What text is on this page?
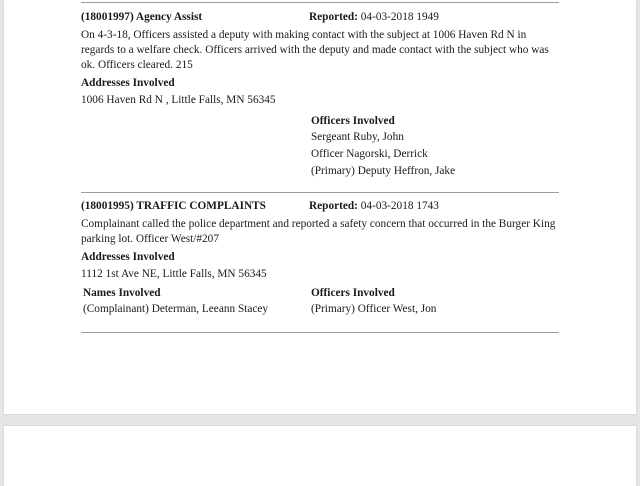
(18001997) Agency Assist	Reported: 04-03-2018 1949
On 4-3-18, Officers assisted a deputy with making contact with the subject at 1006 Haven Rd N in regards to a welfare check. Officers arrived with the deputy and made contact with the subject who was ok. Officers cleared. 215
Addresses Involved
1006 Haven Rd N , Little Falls, MN 56345
Officers Involved
Sergeant Ruby, John
Officer Nagorski, Derrick
(Primary) Deputy Heffron, Jake
(18001995) TRAFFIC COMPLAINTS	Reported: 04-03-2018 1743
Complainant called the police department and reported a safety concern that occurred in the Burger King parking lot. Officer West/#207
Addresses Involved
1112 1st Ave NE, Little Falls, MN 56345
Names Involved
(Complainant) Determan, Leeann Stacey
Officers Involved
(Primary) Officer West, Jon
